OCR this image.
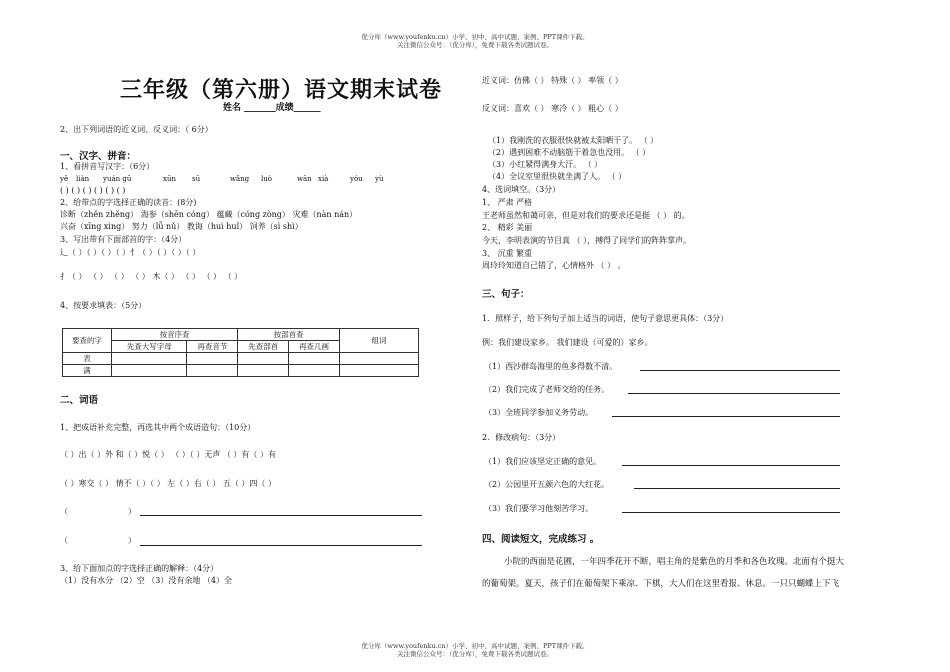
优分库（www.youfenku.cn）小学、初中、高中试题、案例、PPT课件下载。
关注微信公众号：（优分库），免费下载各类试题试卷。
三年级（第六册）语文期末试卷
姓名 _______成绩______
2、出下列词语的近义词、反义词：（ 6分）
一、汉字、拼音：
1、看拼音写汉字：（6分）
yě liàn yuán gū	xūn sū	wǎng luò	wān xià	yóu yù
( ) ( ) ( ) ( ) ( ) ( )
2、给带点的字选择正确的读音：(8分)
诊断（zhěn zhěng） 海参（shēn cóng） 蕴藏（cóng zòng） 灾难（nàn nán）
兴奋（xīng xìng） 努力（lǚ nǔ） 教诲（huì huǐ） 饲养（sì shì）
3、写出带有下面部首的字：（4分）
辶（ ）（ ）（ ）（ ）忄（ ）（ ）（ ）（ ）
扌（ ） （ ） （ ） （ ） 木（ ） （ ） （ ） （ ）
4、按要求填表：（5分）
要查的字	按音序查		按部首查		组词
	先查大写字母	再查音节	先查部首	再查几画	
表					
满					
二、词语
1、把成语补充完整，再选其中两个成语造句：（10分）
（ ）出（ ）外 和（ ）悦（ ） （ ）（ ）无声 （ ）有（ ）有
（ ）寒交（ ） 情不（ ）（ ） 左（ ）右（ ） 五（ ）四（ ）
（	）
（	）
3、给下面加点的字选择正确的解释：（4分）
（1）没有水分 （2）空 （3）没有余地 （4）全
近义词：仿佛（ ） 特殊（ ） 率领（ ）
反义词：喜欢（ ） 寒冷（ ） 粗心（ ）
（1）我刚洗的衣服很快就被太阳晒干了。 （ ）
（2）遇到困难不动脑筋干着急也没用。 （ ）
（3）小红紧得满身大汗。 （ ）
（4）全议室里很快就坐满了人。 （ ）
4、选词填空。（3分）
1、 严肃 严格
王老师虽然和蔼可亲，但是对我们的要求还是挺 （ ） 的。
2、 精彩 美丽
今天，李明表演的节目真 （ ），搏得了同学们的阵阵掌声。
3、 沉重 繁重
周玲玲知道自己错了，心情格外 （ ） 。
三、句子：
1．照样子，给下列句子加上适当的词语，使句子意思更具体：（3分）
例：我们建设家乡。 我们建设（可爱的）家乡。
（1）西沙群岛海里的鱼多得数不清。
（2）我们完成了老师交给的任务。
（3）全班同学参加义务劳动。
2．修改病句：（3分）
（1）我们应该坚定正确的意见。
（2）公园里开五颜六色的大红花。
（3）我们要学习他刻苦学习。
四、阅读短文，完成练习 。
小院的西面是花圃，一年四季花开不断，唱主角的是紫色的月季和各色玫瑰。北面有个挺大
的葡萄架。夏天，孩子们在葡萄架下乘凉、下棋，大人们在这里看报、休息。一只只蝴蝶上下飞
优分库（www.youfenku.cn）小学、初中、高中试题、案例、PPT课件下载。
关注微信公众号：（优分库），免费下载各类试题试卷。
